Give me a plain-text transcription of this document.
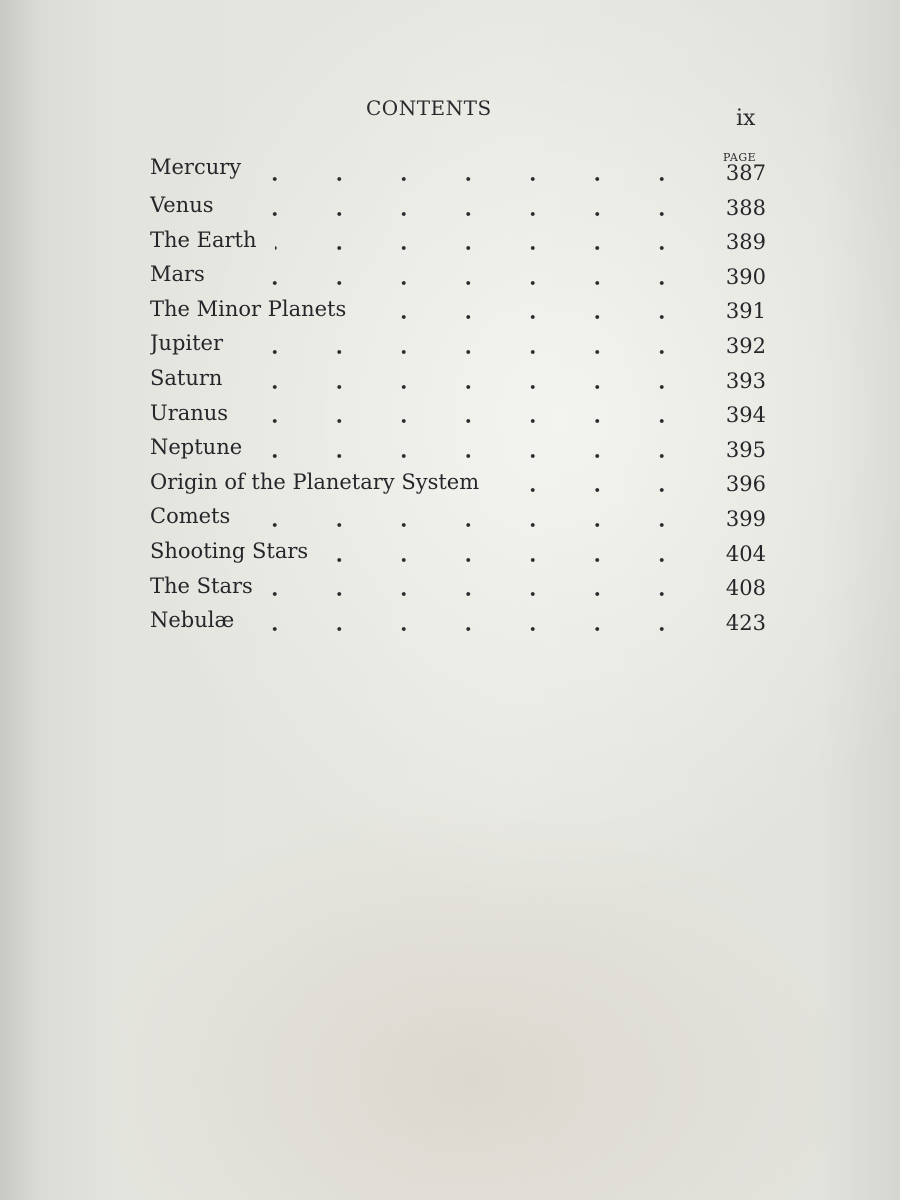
CONTENTS	ix
PAGE
Mercury	387
Venus	388
The Earth	389
Mars	390
The Minor Planets	391
Jupiter	392
Saturn	393
Uranus	394
Neptune	395
Origin of the Planetary System	396
Comets	399
Shooting Stars	404
The Stars	408
Nebulæ	423
